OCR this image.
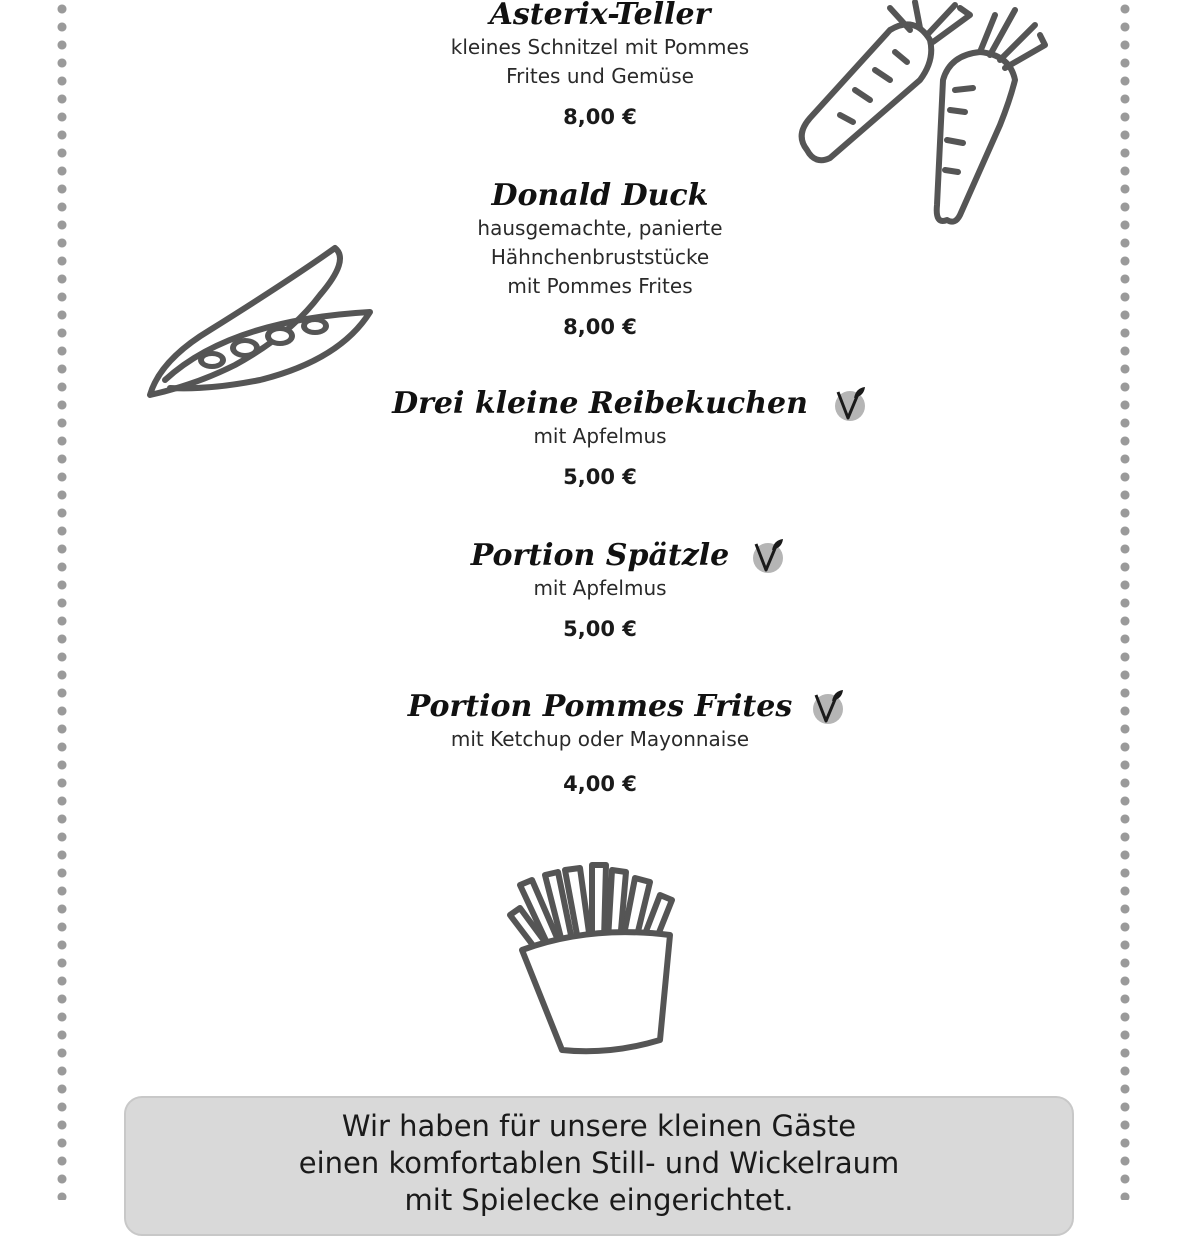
Asterix-Teller
kleines Schnitzel mit Pommes
Frites und Gemüse
8,00 €
Donald Duck
hausgemachte, panierte
Hähnchenbruststücke
mit Pommes Frites
8,00 €
Drei kleine Reibekuchen
mit Apfelmus
5,00 €
Portion Spätzle
mit Apfelmus
5,00 €
Portion Pommes Frites
mit Ketchup oder Mayonnaise
4,00 €
Wir haben für unsere kleinen Gäste
einen komfortablen Still- und Wickelraum
mit Spielecke eingerichtet.
